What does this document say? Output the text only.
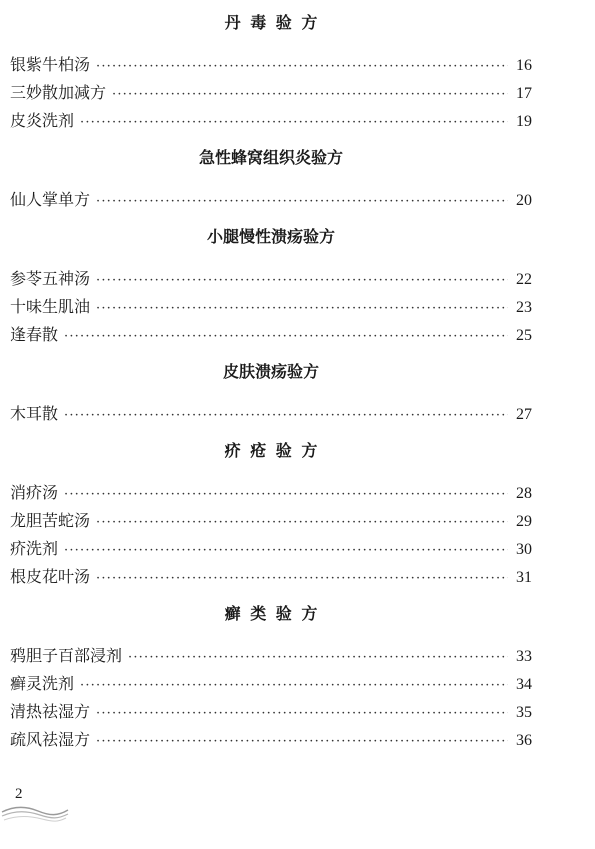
丹毒验方
银紫牛柏汤 ·····	16
三妙散加减方 ·····	17
皮炎洗剂 ·····	19
急性蜂窝组织炎验方
仙人掌单方 ·····	20
小腿慢性溃疡验方
参苓五神汤 ·····	22
十味生肌油 ·····	23
逢春散 ·····	25
皮肤溃疡验方
木耳散 ·····	27
疥疮验方
消疥汤 ·····	28
龙胆苦蛇汤 ·····	29
疥洗剂 ·····	30
根皮花叶汤 ·····	31
癣类验方
鸦胆子百部浸剂 ·····	33
癣灵洗剂 ·····	34
清热祛湿方 ·····	35
疏风祛湿方 ·····	36
2
